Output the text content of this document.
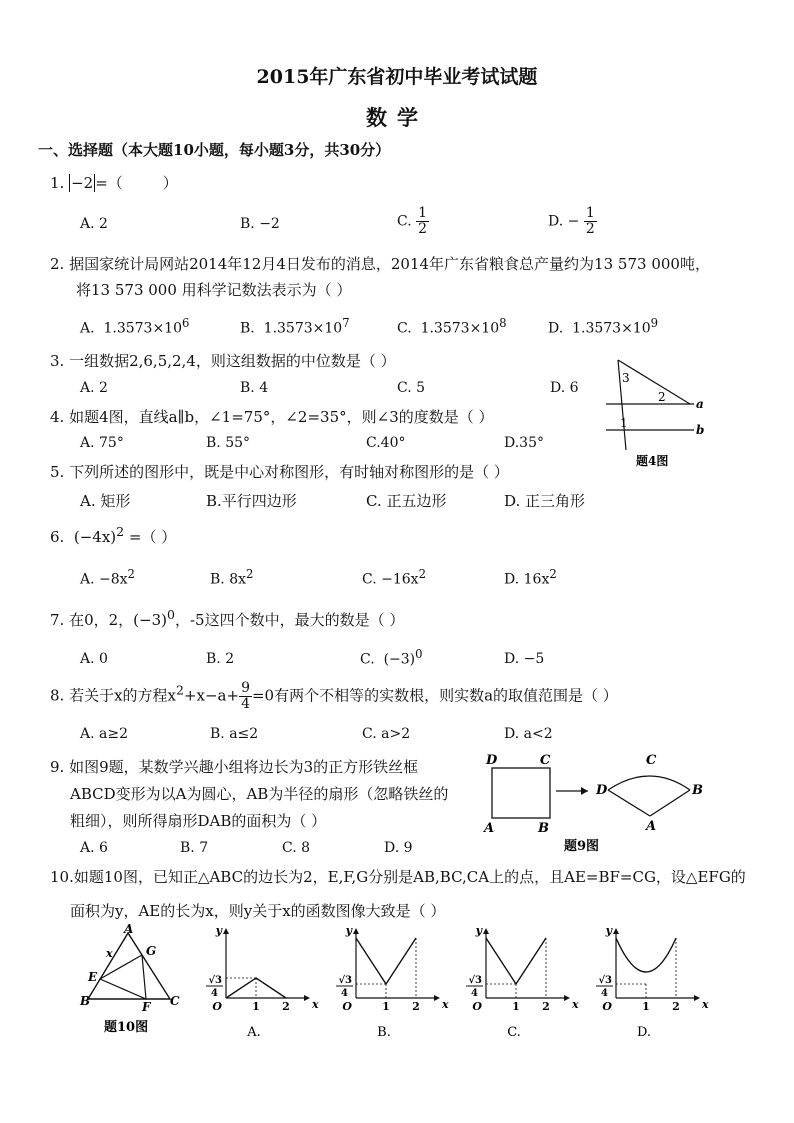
2015年广东省初中毕业考试试题
数学
一、选择题（本大题10小题，每小题3分，共30分）
1. −2 =（	）
A. 2	B. −2	C. $\frac{1}{2}$	D. − $\frac{1}{2}$
2. 据国家统计局网站2014年12月4日发布的消息，2014年广东省粮食总产量约为13 573 000吨，
将13 573 000 用科学记数法表示为（ ）
A. $1.3573\times 10^6$	B. $1.3573\times 10^7$	C. $1.3573\times 10^8$	D. $1.3573\times 10^9$
3. 一组数据2,6,5,2,4，则这组数据的中位数是（ ）
A. 2	B. 4	C. 5	D. 6
4. 如题4图，直线a∥b，∠1=75°，∠2=35°，则∠3的度数是（ ）
A. 75°	B. 55°	C.40°	D.35°
3
2
1
a
b
题4图
5. 下列所述的图形中，既是中心对称图形，有时轴对称图形的是（ ）
A. 矩形	B.平行四边形	C. 正五边形	D. 正三角形
6. $(-4x)^2$ =（ ）
A. $-8x^2$	B. $8x^2$	C. $-16x^2$	D. $16x^2$
7. 在0，2，$(-3)^0$，-5这四个数中，最大的数是（ ）
A. 0	B. 2	C. $(-3)^0$	D. −5
8. 若关于x的方程$x^2+x-a+ \frac{9}{4} =0$有两个不相等的实数根，则实数a的取值范围是（ ）
A. a≥2	B. a≤2	C. a>2	D. a<2
9. 如图9题，某数学兴趣小组将边长为3的正方形铁丝框
ABCD变形为以A为圆心，AB为半径的扇形（忽略铁丝的
粗细），则所得扇形DAB的面积为（ ）
A. 6	B. 7	C. 8	D. 9
D	C
A	B
D
C
B
A
题9图
10.如题10图，已知正△ABC的边长为2，E,F,G分别是AB,BC,CA上的点，且AE=BF=CG，设△EFG的
面积为y，AE的长为x，则y关于x的函数图像大致是（ ）
A
B	C
E
F
G
x
题10图
y
x
O	1 2
√3
4
A.
y
x
O	1 2
√3
4
B.
y
x
O	1 2
√3
4
C.
y
x
O	1 2
√3
4
D.
